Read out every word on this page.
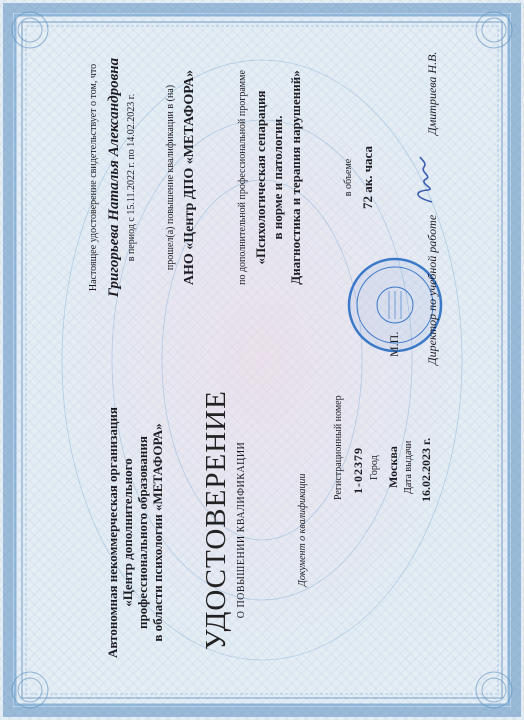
Автономная некоммерческая организация «Центр дополнительного профессионального образования в области психологии «МЕТАФОРА» УДОСТОВЕРЕНИЕ О ПОВЫШЕНИИ КВАЛИФИКАЦИИ	Документ о квалификации
Регистрационный номер 1-02379 Город Москва Дата выдачи 16.02.2023 г.
Настоящее удостоверение свидетельствует о том, что Григорьева Наталья Александровна в период с 15.11.2022 г. по 14.02.2023 г.	прошел(а) повышение квалификации в (на) АНО «Центр ДПО «МЕТАФОРА»	по дополнительной профессиональной программе «Психологическая сепарация в норме и патологии. Диагностика и терапия нарушений»	в объеме 72 ак. часа
М.П. Директор по учебной работе
Дмитриева Н.В.
